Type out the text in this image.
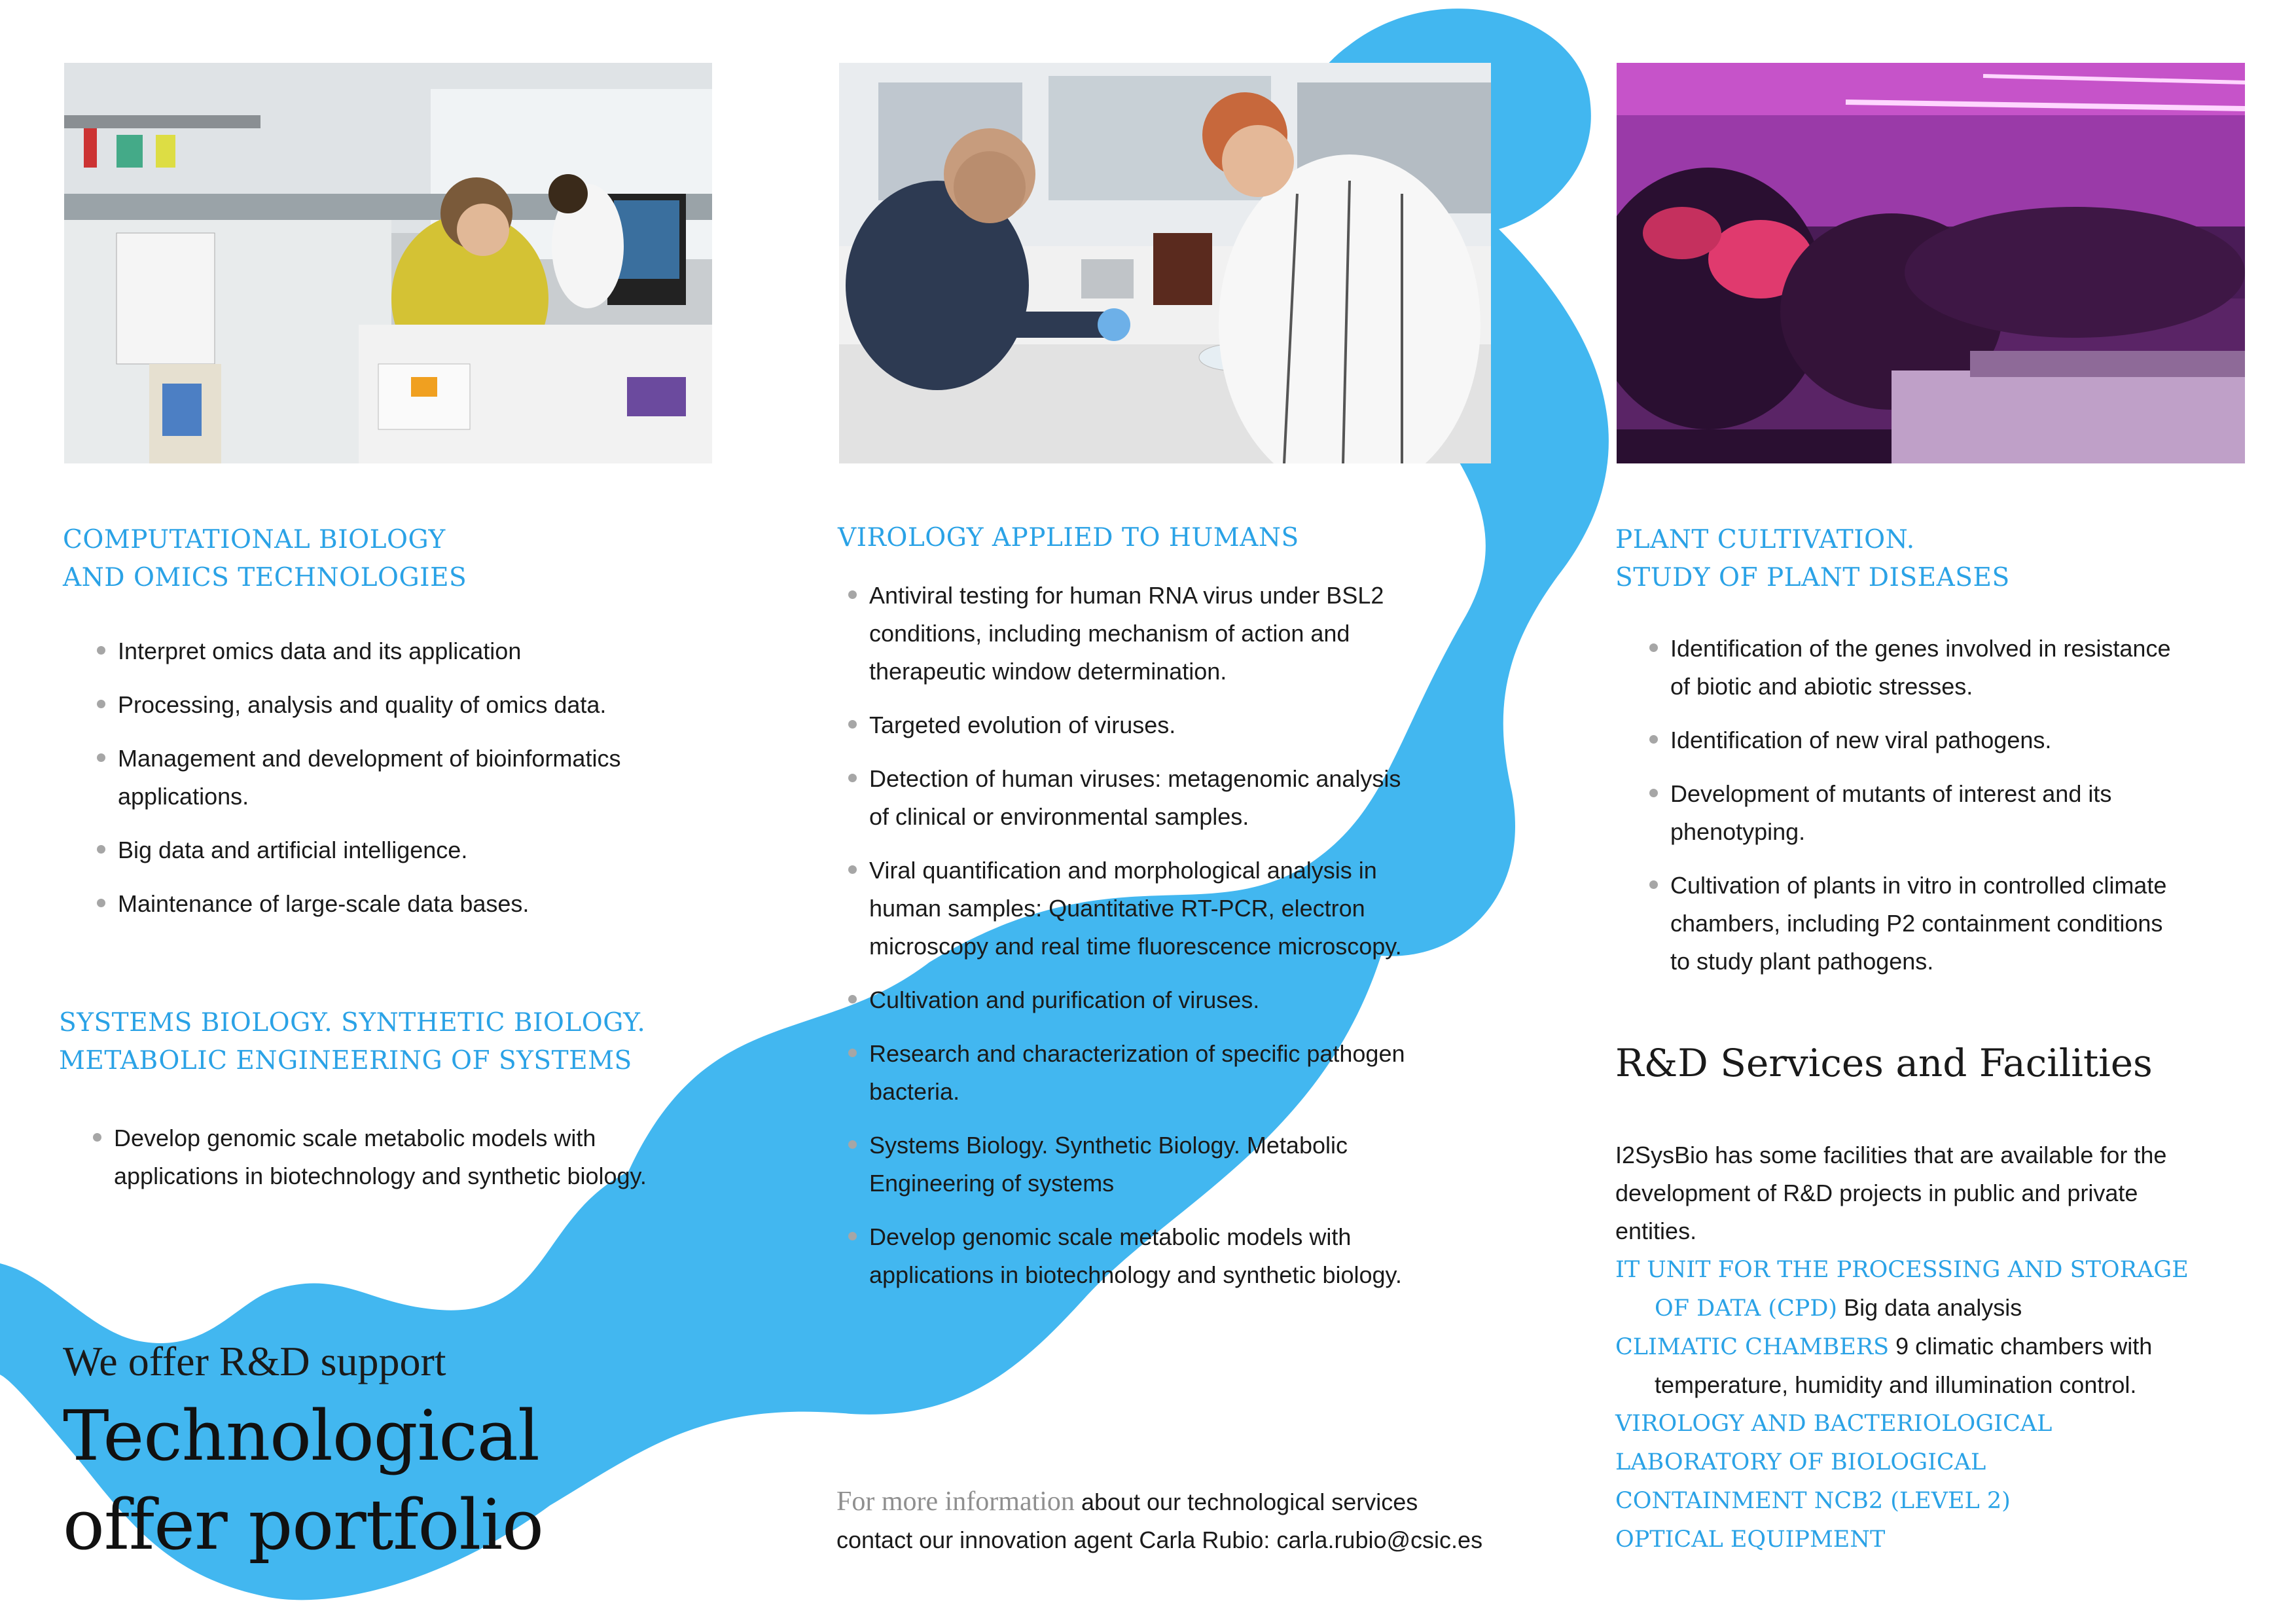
COMPUTATIONAL BIOLOGY
AND OMICS TECHNOLOGIES
Interpret omics data and its application
Processing, analysis and quality of omics data.
Management and development of bioinformatics
applications.
Big data and artificial intelligence.
Maintenance of large-scale data bases.
SYSTEMS BIOLOGY. SYNTHETIC BIOLOGY.
METABOLIC ENGINEERING OF SYSTEMS
Develop genomic scale metabolic models with
applications in biotechnology and synthetic biology.
We offer R&D support
Technological
offer portfolio
VIROLOGY APPLIED TO HUMANS
Antiviral testing for human RNA virus under BSL2
conditions, including mechanism of action and
therapeutic window determination.
Targeted evolution of viruses.
Detection of human viruses: metagenomic analysis
of clinical or environmental samples.
Viral quantification and morphological analysis in
human samples: Quantitative RT-PCR, electron
microscopy and real time fluorescence microscopy.
Cultivation and purification of viruses.
Research and characterization of specific pathogen
bacteria.
Systems Biology. Synthetic Biology. Metabolic
Engineering of systems
Develop genomic scale metabolic models with
applications in biotechnology and synthetic biology.
For more information about our technological services
contact our innovation agent Carla Rubio: carla.rubio@csic.es
PLANT CULTIVATION.
STUDY OF PLANT DISEASES
Identification of the genes involved in resistance
of biotic and abiotic stresses.
Identification of new viral pathogens.
Development of mutants of interest and its
phenotyping.
Cultivation of plants in vitro in controlled climate
chambers, including P2 containment conditions
to study plant pathogens.
R&D Services and Facilities

I2SysBio has some facilities that are available for the

development of R&D projects in public and private

entities.

IT UNIT FOR THE PROCESSING AND STORAGE

OF DATA (CPD) Big data analysis

CLIMATIC CHAMBERS 9 climatic chambers with

temperature, humidity and illumination control.

VIROLOGY AND BACTERIOLOGICAL

LABORATORY OF BIOLOGICAL

CONTAINMENT NCB2 (LEVEL 2)

OPTICAL EQUIPMENT
